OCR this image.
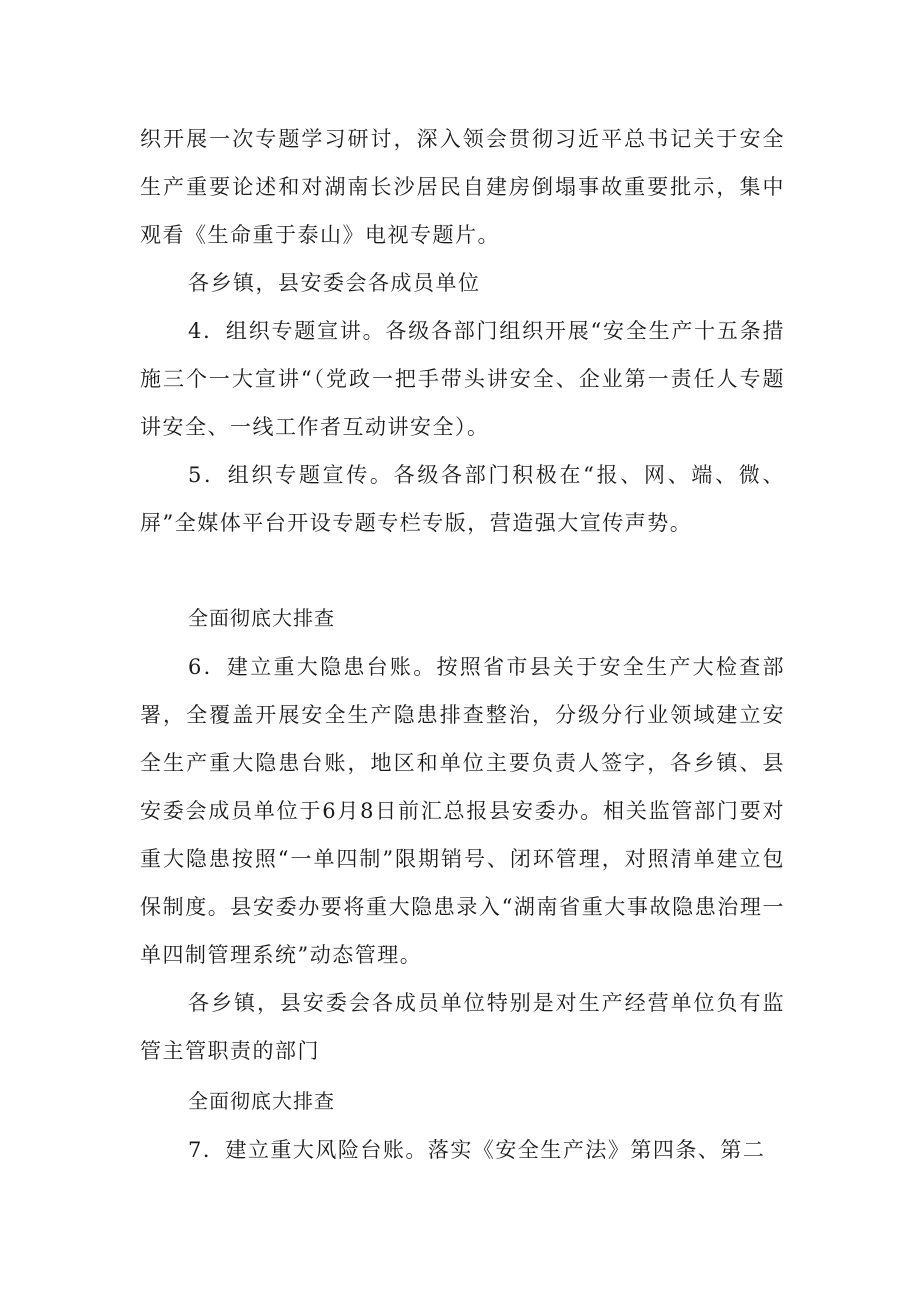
织开展一次专题学习研讨，深入领会贯彻习近平总书记关于安全生产重要论述和对湖南长沙居民自建房倒塌事故重要批示，集中观看《生命重于泰山》电视专题片。

各乡镇，县安委会各成员单位

4．组织专题宣讲。各级各部门组织开展“安全生产十五条措施三个一大宣讲“（党政一把手带头讲安全、企业第一责任人专题讲安全、一线工作者互动讲安全）。

5．组织专题宣传。各级各部门积极在“报、网、端、微、屏”全媒体平台开设专题专栏专版，营造强大宣传声势。

全面彻底大排查

6．建立重大隐患台账。按照省市县关于安全生产大检查部署，全覆盖开展安全生产隐患排查整治，分级分行业领域建立安全生产重大隐患台账，地区和单位主要负责人签字，各乡镇、县安委会成员单位于6月8日前汇总报县安委办。相关监管部门要对重大隐患按照“一单四制”限期销号、闭环管理，对照清单建立包保制度。县安委办要将重大隐患录入“湖南省重大事故隐患治理一单四制管理系统”动态管理。

各乡镇，县安委会各成员单位特别是对生产经营单位负有监管主管职责的部门

全面彻底大排查

7．建立重大风险台账。落实《安全生产法》第四条、第二
